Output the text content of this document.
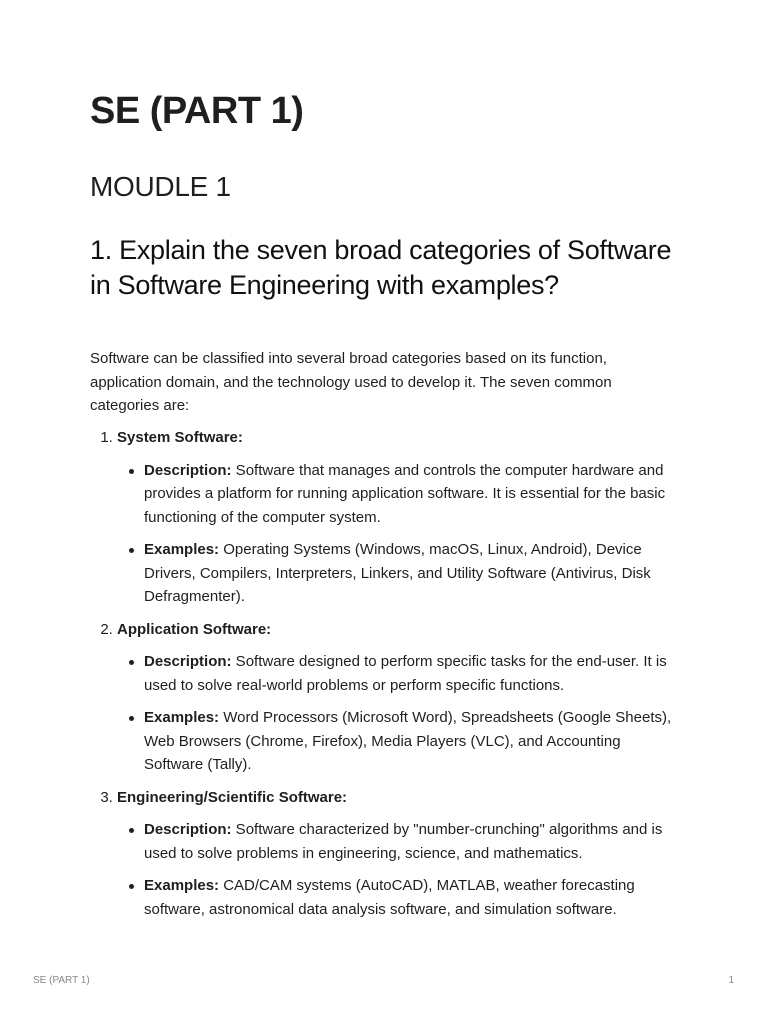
SE (PART 1)
MOUDLE 1
1. Explain the seven broad categories of Software in Software Engineering with examples?

Software can be classified into several broad categories based on its function, application domain, and the technology used to develop it. The seven common categories are:

1. System Software:
Description: Software that manages and controls the computer hardware and provides a platform for running application software. It is essential for the basic functioning of the computer system.
Examples: Operating Systems (Windows, macOS, Linux, Android), Device Drivers, Compilers, Interpreters, Linkers, and Utility Software (Antivirus, Disk Defragmenter).
2. Application Software:
Description: Software designed to perform specific tasks for the end-user. It is used to solve real-world problems or perform specific functions.
Examples: Word Processors (Microsoft Word), Spreadsheets (Google Sheets), Web Browsers (Chrome, Firefox), Media Players (VLC), and Accounting Software (Tally).
3. Engineering/Scientific Software:
Description: Software characterized by "number-crunching" algorithms and is used to solve problems in engineering, science, and mathematics.
Examples: CAD/CAM systems (AutoCAD), MATLAB, weather forecasting software, astronomical data analysis software, and simulation software.
SE (PART 1)	1
